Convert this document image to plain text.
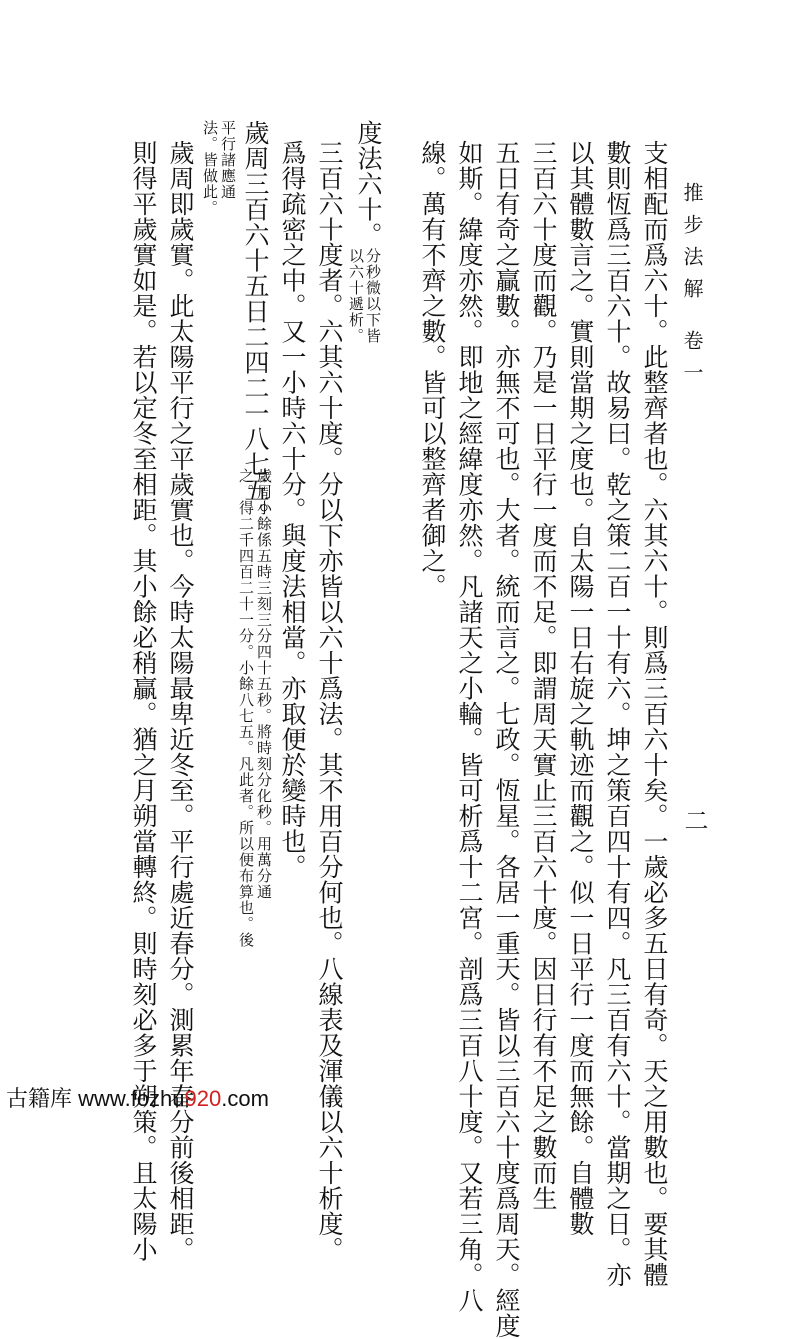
推步法解
卷一
二
支相配而爲六十。此整齊者也。六其六十。則爲三百六十矣。一歲必多五日有奇。天之用數也。要其體
數則恆爲三百六十。故易曰。乾之策二百一十有六。坤之策百四十有四。凡三百有六十。當期之日。亦
以其體數言之。實則當期之度也。自太陽一日右旋之軌迹而觀之。似一日平行一度而無餘。自體數
三百六十度而觀。乃是一日平行一度而不足。即謂周天實止三百六十度。因日行有不足之數而生
五日有奇之贏數。亦無不可也。大者。統而言之。七政。恆星。各居一重天。皆以三百六十度爲周天。經度
如斯。緯度亦然。即地之經緯度亦然。凡諸天之小輪。皆可析爲十二宮。剖爲三百八十度。又若三角。八
線。萬有不齊之數。皆可以整齊者御之。
度法六十。
分秒微以下皆
以六十遞析。
三百六十度者。六其六十度。分以下亦皆以六十爲法。其不用百分何也。八線表及渾儀以六十析度。
爲得疏密之中。又一小時六十分。與度法相當。亦取便於變時也。
歲周三百六十五日二四二一八七五。
歲周小餘係五時三刻三分四十五秒。將時刻分化秒。用萬分通
之。得二千四百二十一分。小餘八七五。凡此者。所以便布算也。後
平行諸應通
法。皆做此。
歲周即歲實。此太陽平行之平歲實也。今時太陽最卑近冬至。平行處近春分。測累年春分前後相距。
則得平歲實如是。若以定冬至相距。其小餘必稍贏。猶之月朔當轉終。則時刻必多于朔策。且太陽小
古籍库 www.fozhu920.com
